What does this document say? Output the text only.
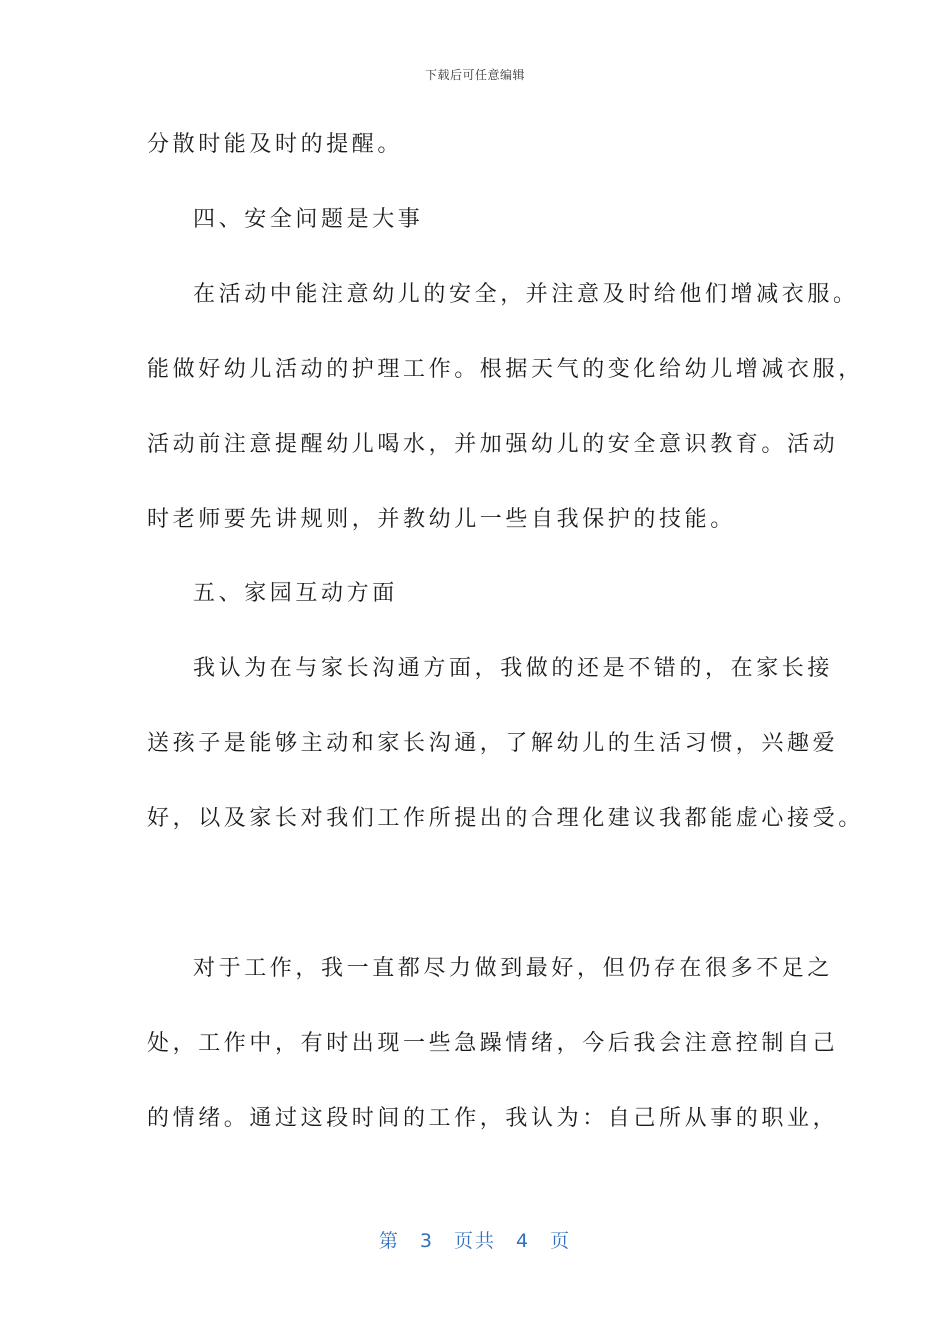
下载后可任意编辑
分散时能及时的提醒。
四、安全问题是大事
在活动中能注意幼儿的安全，并注意及时给他们增减衣服。
能做好幼儿活动的护理工作。根据天气的变化给幼儿增减衣服，
活动前注意提醒幼儿喝水，并加强幼儿的安全意识教育。活动
时老师要先讲规则，并教幼儿一些自我保护的技能。
五、家园互动方面
我认为在与家长沟通方面，我做的还是不错的，在家长接
送孩子是能够主动和家长沟通，了解幼儿的生活习惯，兴趣爱
好，以及家长对我们工作所提出的合理化建议我都能虚心接受。
对于工作，我一直都尽力做到最好，但仍存在很多不足之
处，工作中，有时出现一些急躁情绪，今后我会注意控制自己
的情绪。通过这段时间的工作，我认为：自己所从事的职业，
第 3 页共 4 页
